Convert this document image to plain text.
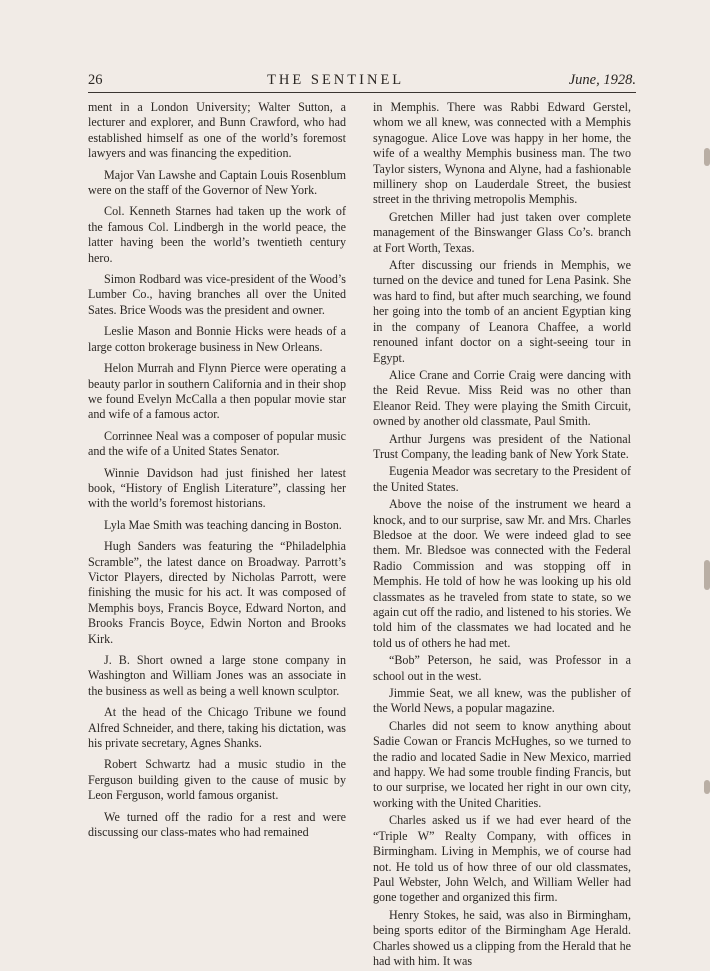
26	THE SENTINEL	June, 1928.

ment in a London University; Walter Sutton, a lecturer and explorer, and Bunn Crawford, who had established himself as one of the world’s foremost lawyers and was financing the expedition.

Major Van Lawshe and Captain Louis Rosenblum were on the staff of the Governor of New York.

Col. Kenneth Starnes had taken up the work of the famous Col. Lindbergh in the world peace, the latter having been the world’s twentieth century hero.

Simon Rodbard was vice-president of the Wood’s Lumber Co., having branches all over the United Sates. Brice Woods was the president and owner.

Leslie Mason and Bonnie Hicks were heads of a large cotton brokerage business in New Orleans.

Helon Murrah and Flynn Pierce were operating a beauty parlor in southern California and in their shop we found Evelyn McCalla a then popular movie star and wife of a famous actor.

Corrinnee Neal was a composer of popular music and the wife of a United States Senator.

Winnie Davidson had just finished her latest book, “History of English Literature”, classing her with the world’s foremost historians.

Lyla Mae Smith was teaching dancing in Boston.

Hugh Sanders was featuring the “Philadelphia Scramble”, the latest dance on Broadway. Parrott’s Victor Players, directed by Nicholas Parrott, were finishing the music for his act. It was composed of Memphis boys, Francis Boyce, Edward Norton, and Brooks Francis Boyce, Edwin Norton and Brooks Kirk.

J. B. Short owned a large stone company in Washington and William Jones was an associate in the business as well as being a well known sculptor.

At the head of the Chicago Tribune we found Alfred Schneider, and there, taking his dictation, was his private secretary, Agnes Shanks.

Robert Schwartz had a music studio in the Ferguson building given to the cause of music by Leon Ferguson, world famous organist.

We turned off the radio for a rest and were discussing our class-mates who had remained

in Memphis. There was Rabbi Edward Gerstel, whom we all knew, was connected with a Memphis synagogue. Alice Love was happy in her home, the wife of a wealthy Memphis business man. The two Taylor sisters, Wynona and Alyne, had a fashionable millinery shop on Lauderdale Street, the busiest street in the thriving metropolis Memphis.

Gretchen Miller had just taken over complete management of the Binswanger Glass Co’s. branch at Fort Worth, Texas.

After discussing our friends in Memphis, we turned on the device and tuned for Lena Pasink. She was hard to find, but after much searching, we found her going into the tomb of an ancient Egyptian king in the company of Leanora Chaffee, a world renouned infant doctor on a sight-seeing tour in Egypt.

Alice Crane and Corrie Craig were dancing with the Reid Revue. Miss Reid was no other than Eleanor Reid. They were playing the Smith Circuit, owned by another old classmate, Paul Smith.

Arthur Jurgens was president of the National Trust Company, the leading bank of New York State.

Eugenia Meador was secretary to the President of the United States.

Above the noise of the instrument we heard a knock, and to our surprise, saw Mr. and Mrs. Charles Bledsoe at the door. We were indeed glad to see them. Mr. Bledsoe was connected with the Federal Radio Commission and was stopping off in Memphis. He told of how he was looking up his old classmates as he traveled from state to state, so we again cut off the radio, and listened to his stories. We told him of the classmates we had located and he told us of others he had met.

“Bob” Peterson, he said, was Professor in a school out in the west.

Jimmie Seat, we all knew, was the publisher of the World News, a popular magazine.

Charles did not seem to know anything about Sadie Cowan or Francis McHughes, so we turned to the radio and located Sadie in New Mexico, married and happy. We had some trouble finding Francis, but to our surprise, we located her right in our own city, working with the United Charities.

Charles asked us if we had ever heard of the “Triple W” Realty Company, with offices in Birmingham. Living in Memphis, we of course had not. He told us of how three of our old classmates, Paul Webster, John Welch, and William Weller had gone together and organized this firm.

Henry Stokes, he said, was also in Birmingham, being sports editor of the Birmingham Age Herald. Charles showed us a clipping from the Herald that he had with him. It was
